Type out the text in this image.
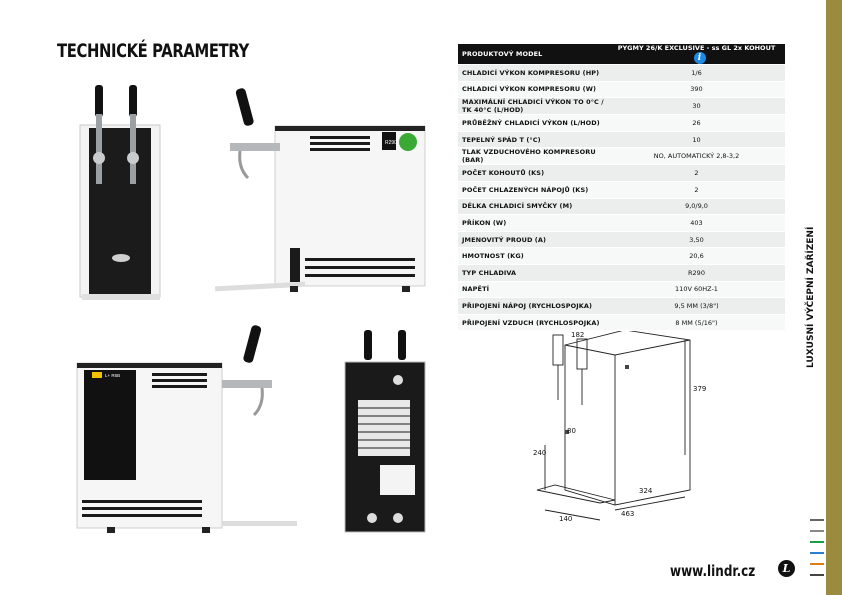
TECHNICKÉ PARAMETRY
R290
L+ R6B
182
379
80
240
324
140
463
PRODUKTOVÝ MODEL	PYGMY 26/K EXCLUSIVE - ss GL 2x KOHOUT i
CHLADICÍ VÝKON KOMPRESORU (HP)	1/6
CHLADICÍ VÝKON KOMPRESORU (W)	390
MAXIMÁLNÍ CHLADICÍ VÝKON TO 0°C / TK 40°C (L/HOD)	30
PRŮBĚŽNÝ CHLADICÍ VÝKON (L/HOD)	26
TEPELNÝ SPÁD T (°C)	10
TLAK VZDUCHOVÉHO KOMPRESORU (BAR)	NO, AUTOMATICKÝ 2,8-3,2
POČET KOHOUTŮ (KS)	2
POČET CHLAZENÝCH NÁPOJŮ (KS)	2
DÉLKA CHLADICÍ SMYČKY (M)	9,0/9,0
PŘÍKON (W)	403
JMENOVITÝ PROUD (A)	3,50
HMOTNOST (KG)	20,6
TYP CHLADIVA	R290
NAPĚTÍ	110V 60HZ-1
PŘIPOJENÍ NÁPOJ (RYCHLOSPOJKA)	9,5 MM (3/8")
PŘIPOJENÍ VZDUCH (RYCHLOSPOJKA)	8 MM (5/16")	LUXUSNÍ VÝČEPNÍ ZAŘÍZENÍ
www.lindr.cz	L
